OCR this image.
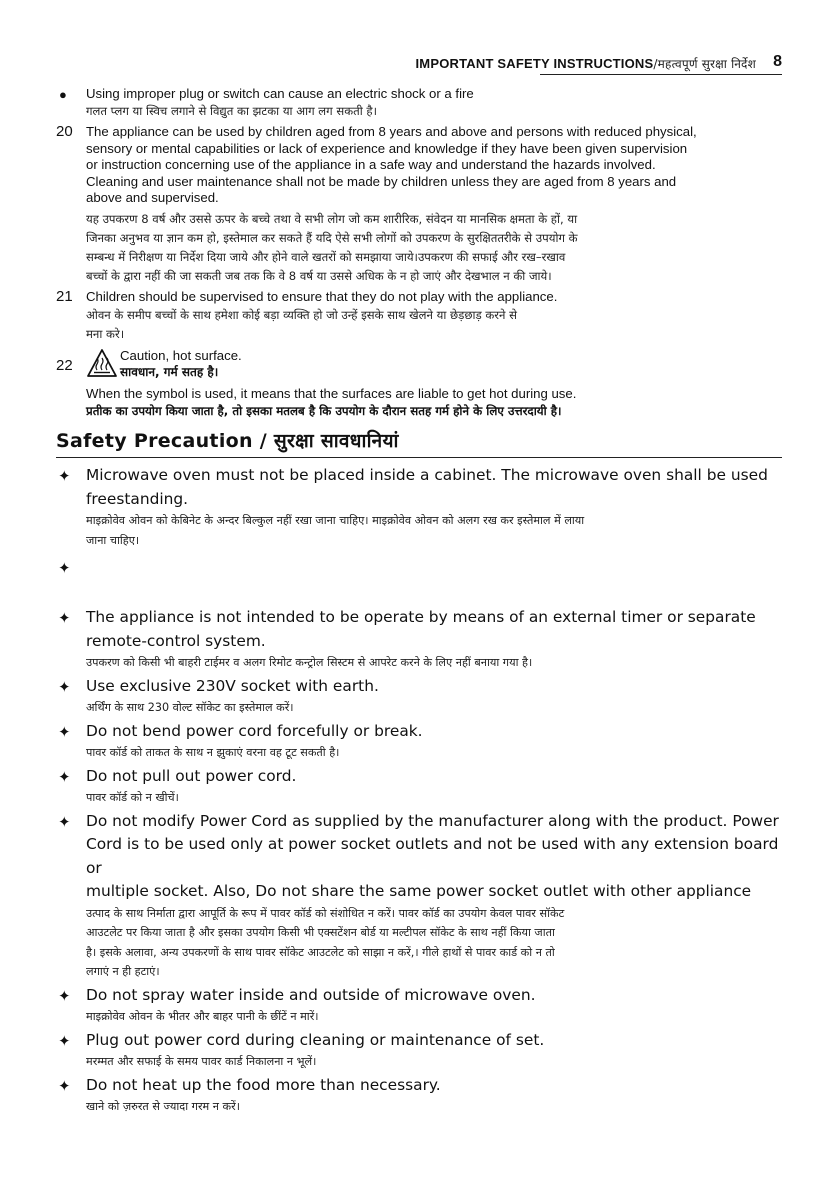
IMPORTANT SAFETY INSTRUCTIONS/महत्वपूर्ण सुरक्षा निर्देश 8
● Using improper plug or switch can cause an electric shock or a fire

गलत प्लग या स्विच लगाने से विद्युत का झटका या आग लग सकती है।

20 The appliance can be used by children aged from 8 years and above and persons with reduced physical,

sensory or mental capabilities or lack of experience and knowledge if they have been given supervision

or instruction concerning use of the appliance in a safe way and understand the hazards involved.

Cleaning and user maintenance shall not be made by children unless they are aged from 8 years and

above and supervised.

यह उपकरण 8 वर्ष और उससे ऊपर के बच्चे तथा वे सभी लोग जो कम शारीरिक, संवेदन या मानसिक क्षमता के हों, या

जिनका अनुभव या ज्ञान कम हो, इस्तेमाल कर सकते हैं यदि ऐसे सभी लोगों को उपकरण के सुरक्षिततरीके से उपयोग के

सम्बन्ध में निरीक्षण या निर्देश दिया जाये और होने वाले खतरों को समझाया जाये।उपकरण की सफाई और रख–रखाव

बच्चों के द्वारा नहीं की जा सकती जब तक कि वे 8 वर्ष या उससे अधिक के न हो जाएं और देखभाल न की जाये।

21 Children should be supervised to ensure that they do not play with the appliance.

ओवन के समीप बच्चों के साथ हमेशा कोई बड़ा व्यक्ति हो जो उन्हें इसके साथ खेलने या छेड़छाड़ करने से

मना करे।

22
Caution, hot surface.
सावधान, गर्म सतह है।
When the symbol is used, it means that the surfaces are liable to get hot during use.
प्रतीक का उपयोग किया जाता है, तो इसका मतलब है कि उपयोग के दौरान सतह गर्म होने के लिए उत्तरदायी है।
Safety Precaution / सुरक्षा सावधानियां
✦ Microwave oven must not be placed inside a cabinet. The microwave oven shall be used
freestanding.
माइक्रोवेव ओवन को केबिनेट के अन्दर बिल्कुल नहीं रखा जाना चाहिए। माइक्रोवेव ओवन को अलग रख कर इस्तेमाल में लाया
जाना चाहिए।
✦
✦ The appliance is not intended to be operate by means of an external timer or separate
remote-control system.
उपकरण को किसी भी बाहरी टाईमर व अलग रिमोट कन्ट्रोल सिस्टम से आपरेट करने के लिए नहीं बनाया गया है।
✦ Use exclusive 230V socket with earth.
अर्थिंग के साथ 230 वोल्ट सॉकेट का इस्तेमाल करें।
✦ Do not bend power cord forcefully or break.
पावर कॉर्ड को ताकत के साथ न झुकाएं वरना वह टूट सकती है।
✦ Do not pull out power cord.
पावर कॉर्ड को न खीचें।
✦ Do not modify Power Cord as supplied by the manufacturer along with the product. Power
Cord is to be used only at power socket outlets and not be used with any extension board or
multiple socket. Also, Do not share the same power socket outlet with other appliance
उत्पाद के साथ निर्माता द्वारा आपूर्ति के रूप में पावर कॉर्ड को संशोधित न करें। पावर कॉर्ड का उपयोग केवल पावर सॉकेट
आउटलेट पर किया जाता है और इसका उपयोग किसी भी एक्सटेंशन बोर्ड या मल्टीपल सॉकेट के साथ नहीं किया जाता
है। इसके अलावा, अन्य उपकरणों के साथ पावर सॉकेट आउटलेट को साझा न करें,। गीले हाथों से पावर कार्ड को न तो
लगाएं न ही हटाएं।
✦ Do not spray water inside and outside of microwave oven.
माइक्रोवेव ओवन के भीतर और बाहर पानी के छींटें न मारें।
✦ Plug out power cord during cleaning or maintenance of set.
मरम्मत और सफाई के समय पावर कार्ड निकालना न भूलें।
✦ Do not heat up the food more than necessary.
खाने को ज़रुरत से ज्यादा गरम न करें।
